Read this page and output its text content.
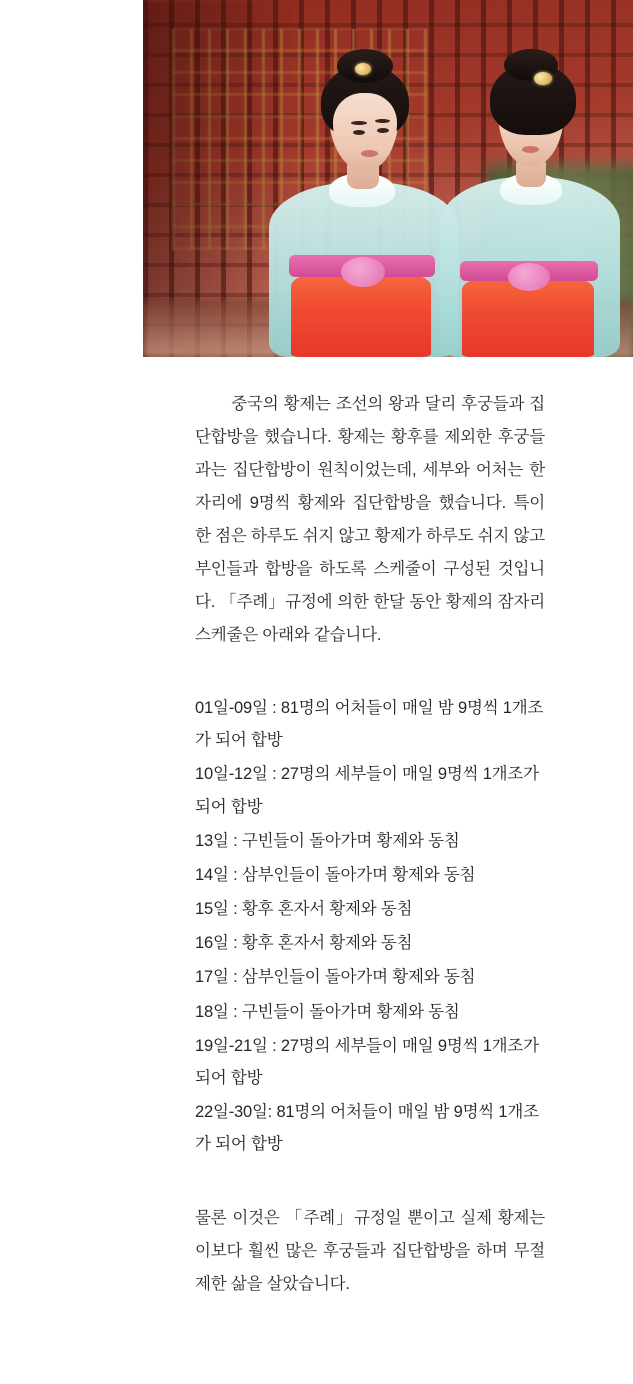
중국의 황제는 조선의 왕과 달리 후궁들과 집단합방을 했습니다. 황제는 황후를 제외한 후궁들과는 집단합방이 원칙이었는데, 세부와 어처는 한 자리에 9명씩 황제와 집단합방을 했습니다. 특이한 점은 하루도 쉬지 않고 황제가 하루도 쉬지 않고 부인들과 합방을 하도록 스케줄이 구성된 것입니다. 「주례」규정에 의한 한달 동안 황제의 잠자리 스케줄은 아래와 같습니다.

01일-09일 : 81명의 어처들이 매일 밤 9명씩 1개조가 되어 합방
10일-12일 : 27명의 세부들이 매일 9명씩 1개조가 되어 합방
13일 : 구빈들이 돌아가며 황제와 동침
14일 : 삼부인들이 돌아가며 황제와 동침
15일 : 황후 혼자서 황제와 동침
16일 : 황후 혼자서 황제와 동침
17일 : 삼부인들이 돌아가며 황제와 동침
18일 : 구빈들이 돌아가며 황제와 동침
19일-21일 : 27명의 세부들이 매일 9명씩 1개조가 되어 합방
22일-30일: 81명의 어처들이 매일 밤 9명씩 1개조가 되어 합방

물론 이것은 「주례」규정일 뿐이고 실제 황제는 이보다 훨씬 많은 후궁들과 집단합방을 하며 무절제한 삶을 살았습니다.
